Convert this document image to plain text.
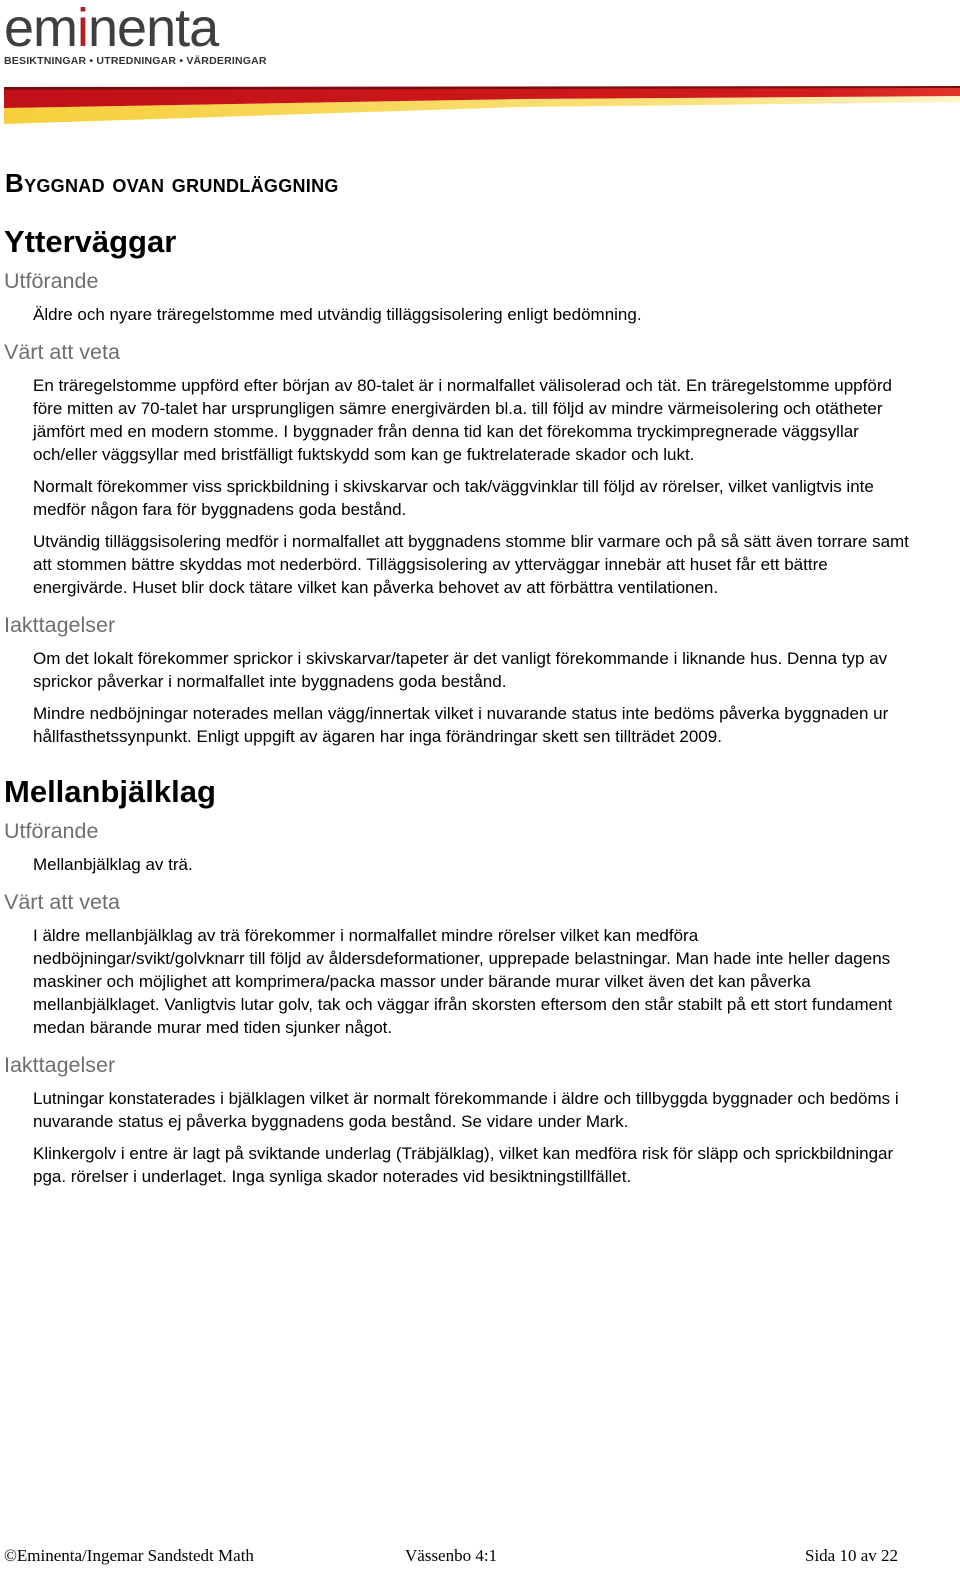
eminenta
BESIKTNINGAR • UTREDNINGAR • VÄRDERINGAR
Byggnad ovan grundläggning
Ytterväggar
Utförande

Äldre och nyare träregelstomme med utvändig tilläggsisolering enligt bedömning.

Värt att veta

En träregelstomme uppförd efter början av 80-talet är i normalfallet välisolerad och tät. En träregelstomme uppförd före mitten av 70-talet har ursprungligen sämre energivärden bl.a. till följd av mindre värmeisolering och otätheter jämfört med en modern stomme. I byggnader från denna tid kan det förekomma tryckimpregnerade väggsyllar och/eller väggsyllar med bristfälligt fuktskydd som kan ge fuktrelaterade skador och lukt.

Normalt förekommer viss sprickbildning i skivskarvar och tak/väggvinklar till följd av rörelser, vilket vanligtvis inte medför någon fara för byggnadens goda bestånd.

Utvändig tilläggsisolering medför i normalfallet att byggnadens stomme blir varmare och på så sätt även torrare samt att stommen bättre skyddas mot nederbörd. Tilläggsisolering av ytterväggar innebär att huset får ett bättre energivärde. Huset blir dock tätare vilket kan påverka behovet av att förbättra ventilationen.

Iakttagelser

Om det lokalt förekommer sprickor i skivskarvar/tapeter är det vanligt förekommande i liknande hus. Denna typ av sprickor påverkar i normalfallet inte byggnadens goda bestånd.

Mindre nedböjningar noterades mellan vägg/innertak vilket i nuvarande status inte bedöms påverka byggnaden ur hållfasthetssynpunkt. Enligt uppgift av ägaren har inga förändringar skett sen tillträdet 2009.

Mellanbjälklag
Utförande

Mellanbjälklag av trä.

Värt att veta

I äldre mellanbjälklag av trä förekommer i normalfallet mindre rörelser vilket kan medföra nedböjningar/svikt/golvknarr till följd av åldersdeformationer, upprepade belastningar. Man hade inte heller dagens maskiner och möjlighet att komprimera/packa massor under bärande murar vilket även det kan påverka mellanbjälklaget. Vanligtvis lutar golv, tak och väggar ifrån skorsten eftersom den står stabilt på ett stort fundament medan bärande murar med tiden sjunker något.

Iakttagelser

Lutningar konstaterades i bjälklagen vilket är normalt förekommande i äldre och tillbyggda byggnader och bedöms i nuvarande status ej påverka byggnadens goda bestånd. Se vidare under Mark.

Klinkergolv i entre är lagt på sviktande underlag (Träbjälklag), vilket kan medföra risk för släpp och sprickbildningar pga. rörelser i underlaget. Inga synliga skador noterades vid besiktningstillfället.

©Eminenta/Ingemar Sandstedt Math	Vässenbo 4:1	Sida 10 av 22
